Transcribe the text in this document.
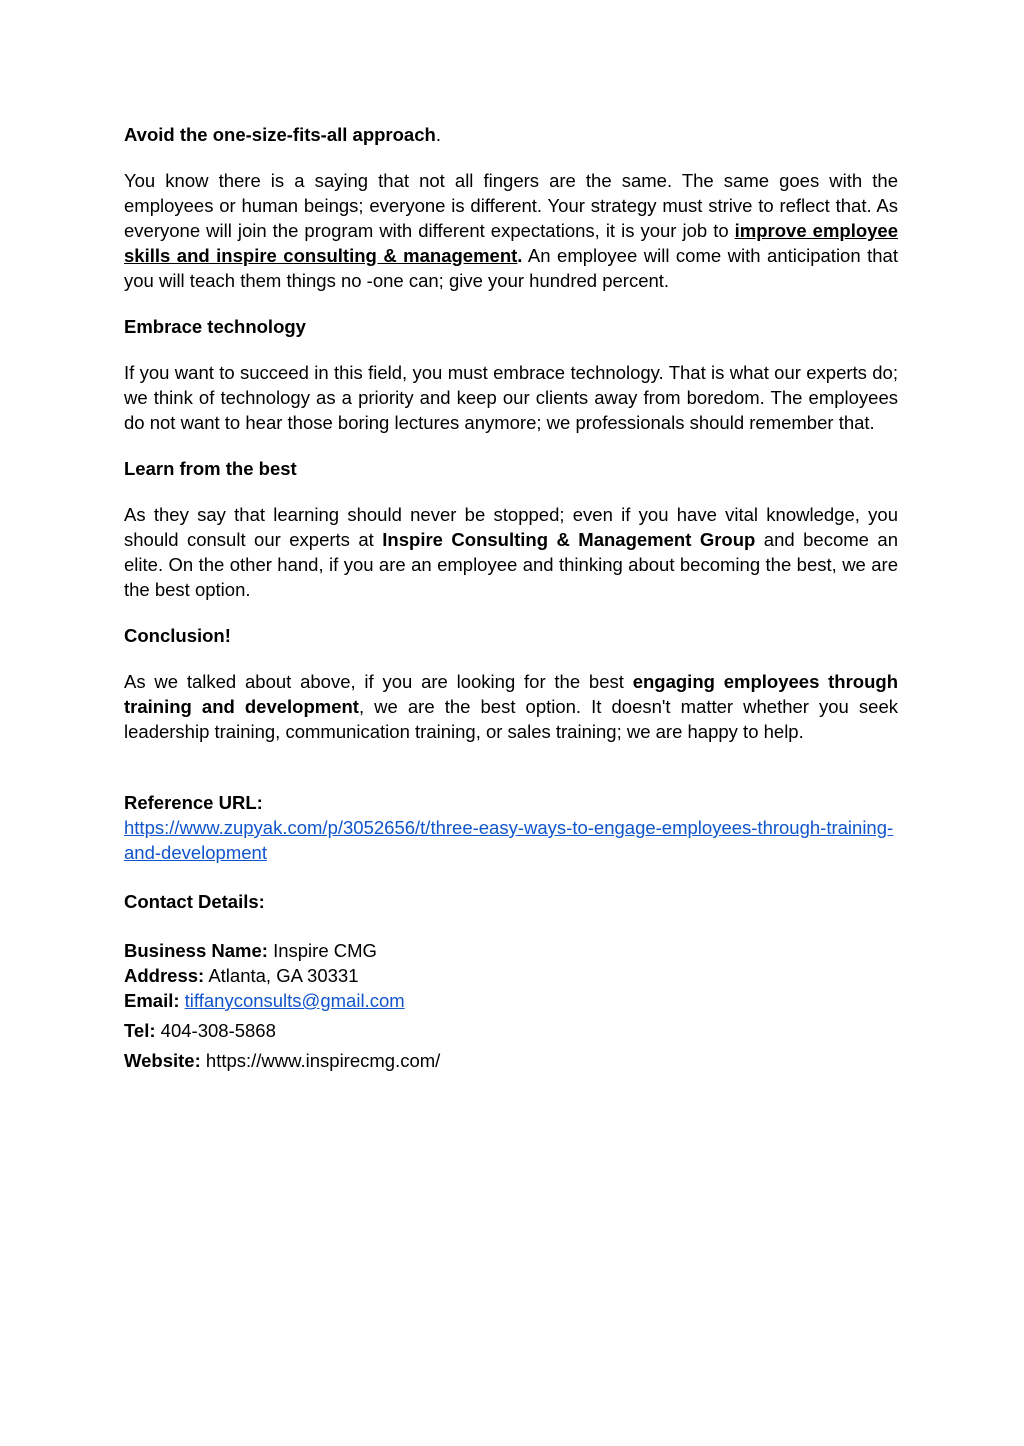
Avoid the one-size-fits-all approach.

You know there is a saying that not all fingers are the same. The same goes with the employees or human beings; everyone is different. Your strategy must strive to reflect that. As everyone will join the program with different expectations, it is your job to improve employee skills and inspire consulting & management. An employee will come with anticipation that you will teach them things no -one can; give your hundred percent.

Embrace technology

If you want to succeed in this field, you must embrace technology. That is what our experts do; we think of technology as a priority and keep our clients away from boredom. The employees do not want to hear those boring lectures anymore; we professionals should remember that.

Learn from the best

As they say that learning should never be stopped; even if you have vital knowledge, you should consult our experts at Inspire Consulting & Management Group and become an elite. On the other hand, if you are an employee and thinking about becoming the best, we are the best option.

Conclusion!

As we talked about above, if you are looking for the best engaging employees through training and development, we are the best option. It doesn't matter whether you seek leadership training, communication training, or sales training; we are happy to help.

Reference URL:

https://www.zupyak.com/p/3052656/t/three-easy-ways-to-engage-employees-through-training-and-development

Contact Details:

Business Name: Inspire CMG

Address: Atlanta, GA 30331

Email: tiffanyconsults@gmail.com

Tel: 404-308-5868

Website: https://www.inspirecmg.com/
